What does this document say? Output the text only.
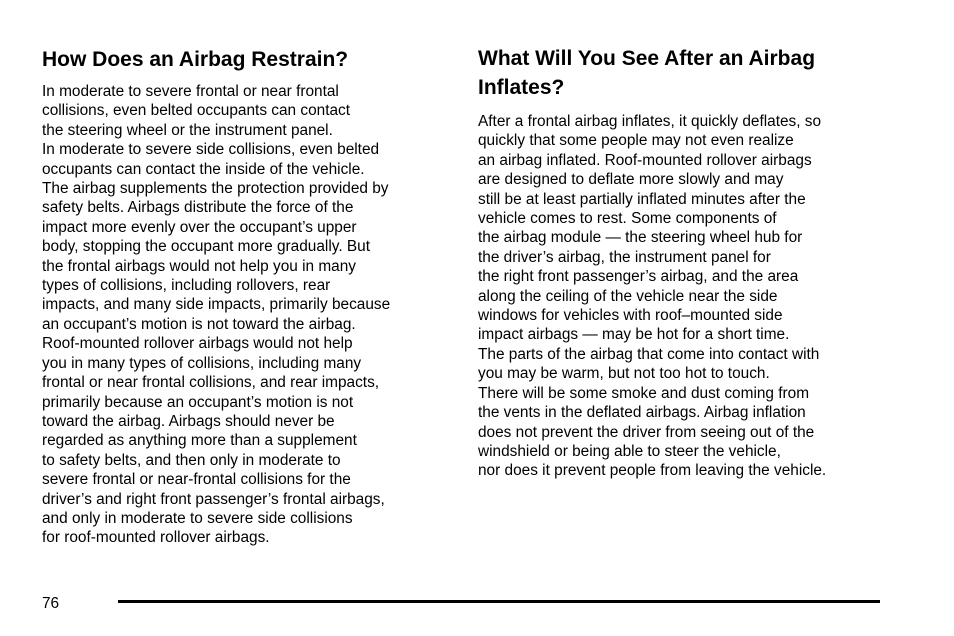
How Does an Airbag Restrain?
In moderate to severe frontal or near frontal
collisions, even belted occupants can contact
the steering wheel or the instrument panel.
In moderate to severe side collisions, even belted
occupants can contact the inside of the vehicle.
The airbag supplements the protection provided by
safety belts. Airbags distribute the force of the
impact more evenly over the occupant’s upper
body, stopping the occupant more gradually. But
the frontal airbags would not help you in many
types of collisions, including rollovers, rear
impacts, and many side impacts, primarily because
an occupant’s motion is not toward the airbag.
Roof-mounted rollover airbags would not help
you in many types of collisions, including many
frontal or near frontal collisions, and rear impacts,
primarily because an occupant’s motion is not
toward the airbag. Airbags should never be
regarded as anything more than a supplement
to safety belts, and then only in moderate to
severe frontal or near-frontal collisions for the
driver’s and right front passenger’s frontal airbags,
and only in moderate to severe side collisions
for roof-mounted rollover airbags.
What Will You See After an Airbag
Inflates?
After a frontal airbag inflates, it quickly deflates, so
quickly that some people may not even realize
an airbag inflated. Roof-mounted rollover airbags
are designed to deflate more slowly and may
still be at least partially inflated minutes after the
vehicle comes to rest. Some components of
the airbag module — the steering wheel hub for
the driver’s airbag, the instrument panel for
the right front passenger’s airbag, and the area
along the ceiling of the vehicle near the side
windows for vehicles with roof–mounted side
impact airbags — may be hot for a short time.
The parts of the airbag that come into contact with
you may be warm, but not too hot to touch.
There will be some smoke and dust coming from
the vents in the deflated airbags. Airbag inflation
does not prevent the driver from seeing out of the
windshield or being able to steer the vehicle,
nor does it prevent people from leaving the vehicle.
76
